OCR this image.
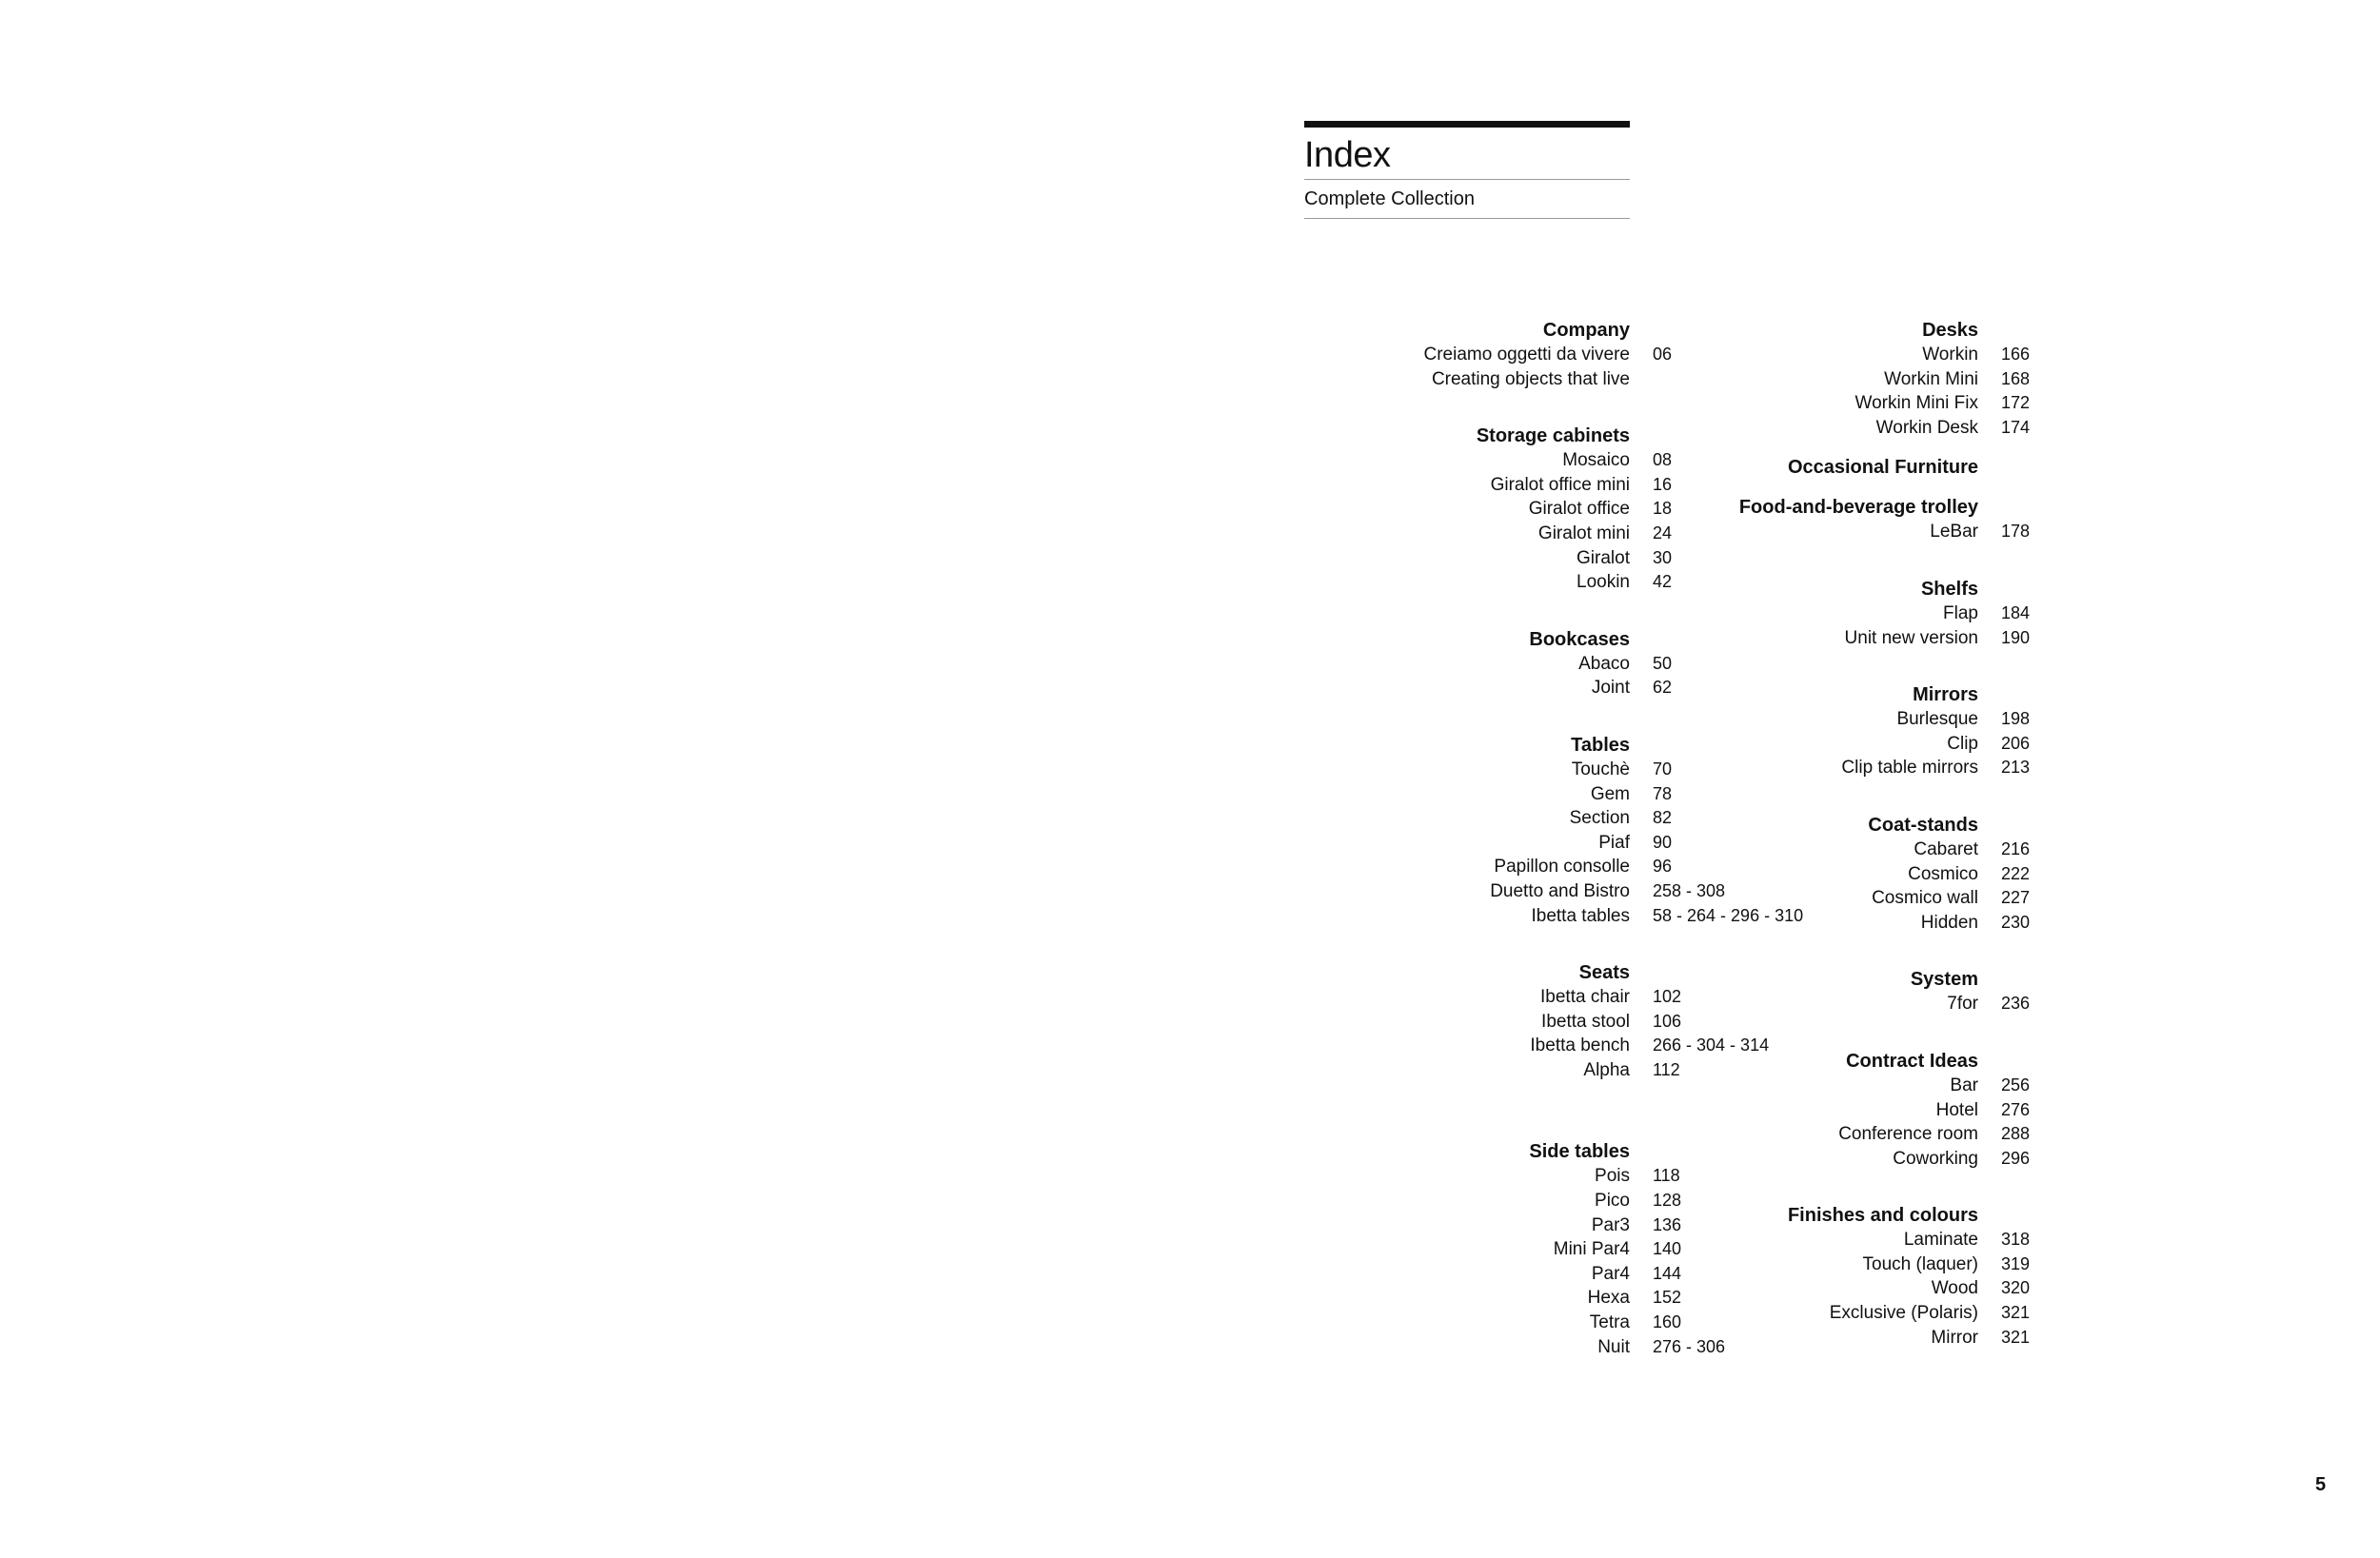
Index
Complete Collection
Company
Creiamo oggetti da vivere	06
Creating objects that live
Storage cabinets
Mosaico	08
Giralot office mini	16
Giralot office	18
Giralot mini	24
Giralot	30
Lookin	42
Bookcases
Abaco	50
Joint	62
Tables
Touchè	70
Gem	78
Section	82
Piaf	90
Papillon consolle	96
Duetto and Bistro	258 - 308
Ibetta tables	58 - 264 - 296 - 310
Seats
Ibetta chair	102
Ibetta stool	106
Ibetta bench	266 - 304 - 314
Alpha	112
Side tables
Pois	118
Pico	128
Par3	136
Mini Par4	140
Par4	144
Hexa	152
Tetra	160
Nuit	276 - 306
Desks
Workin	166
Workin Mini	168
Workin Mini Fix	172
Workin Desk	174
Occasional Furniture
Food-and-beverage trolley
LeBar	178
Shelfs
Flap	184
Unit new version	190
Mirrors
Burlesque	198
Clip	206
Clip table mirrors	213
Coat-stands
Cabaret	216
Cosmico	222
Cosmico wall	227
Hidden	230
System
7for	236
Contract Ideas
Bar	256
Hotel	276
Conference room	288
Coworking	296
Finishes and colours
Laminate	318
Touch (laquer)	319
Wood	320
Exclusive (Polaris)	321
Mirror	321
5
